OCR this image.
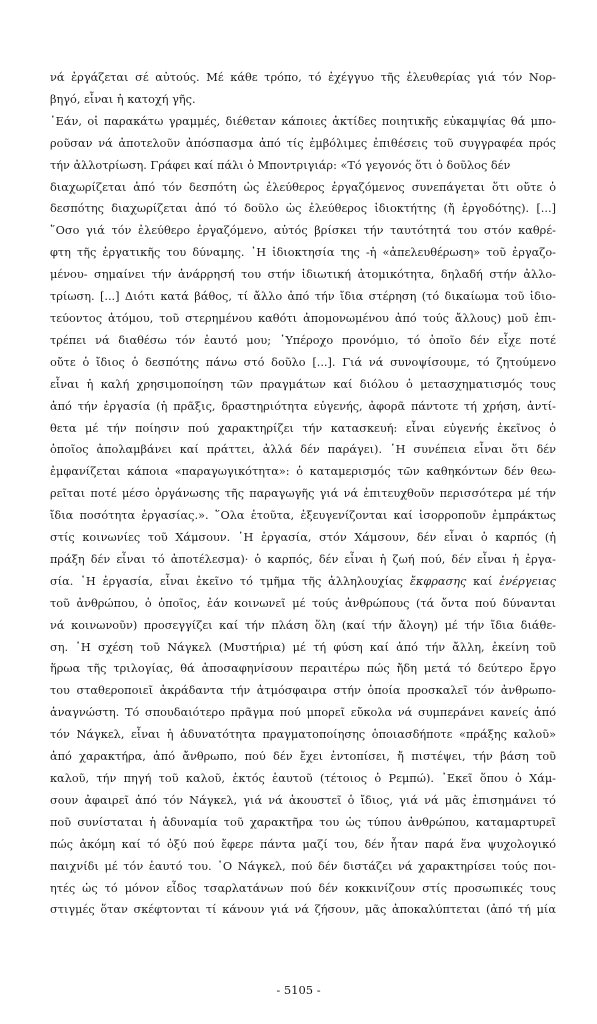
νά ἐργάζεται σέ αὐτούς. Μέ κάθε τρόπο, τό ἐχέγγυο τῆς ἐλευθερίας γιά τόν Νορ-
βηγό, εἶναι ἡ κατοχή γῆς.
῾Εάν, οἱ παρακάτω γραμμές, διέθεταν κάποιες ἀκτίδες ποιητικῆς εὐκαμψίας θά μπο-
ροῦσαν νά ἀποτελοῦν ἀπόσπασμα ἀπό τίς ἐμβόλιμες ἐπιθέσεις τοῦ συγγραφέα πρός
τήν ἀλλοτρίωση. Γράφει καί πάλι ὁ Μποντριγιάρ: «Τό γεγονός ὅτι ὁ δοῦλος δέν
διαχωρίζεται ἀπό τόν δεσπότη ὡς ἐλεύθερος ἐργαζόμενος συνεπάγεται ὅτι οὔτε ὁ
δεσπότης διαχωρίζεται ἀπό τό δοῦλο ὡς ἐλεύθερος ἰδιοκτήτης (ἤ ἐργοδότης). [...]
῞Οσο γιά τόν ἐλεύθερο ἐργαζόμενο, αὐτός βρίσκει τήν ταυτότητά του στόν καθρέ-
φτη τῆς ἐργατικῆς του δύναμης. ῾Η ἰδιοκτησία της -ἡ «ἀπελευθέρωση» τοῦ ἐργαζο-
μένου- σημαίνει τήν ἀνάρρησή του στήν ἰδιωτική ἀτομικότητα, δηλαδή στήν ἀλλο-
τρίωση. [...] Διότι κατά βάθος, τί ἄλλο ἀπό τήν ἴδια στέρηση (τό δικαίωμα τοῦ ἰδιο-
τεύοντος ἀτόμου, τοῦ στερημένου καθότι ἀπομονωμένου ἀπό τούς ἄλλους) μοῦ ἐπι-
τρέπει νά διαθέσω τόν ἑαυτό μου; ῾Υπέροχο προνόμιο, τό ὁποῖο δέν εἶχε ποτέ
οὔτε ὁ ἴδιος ὁ δεσπότης πάνω στό δοῦλο [...]. Γιά νά συνοψίσουμε, τό ζητούμενο
εἶναι ἡ καλή χρησιμοποίηση τῶν πραγμάτων καί διόλου ὁ μετασχηματισμός τους
ἀπό τήν ἐργασία (ἡ πρᾶξις, δραστηριότητα εὐγενής, ἀφορᾶ πάντοτε τή χρήση, ἀντί-
θετα μέ τήν ποίησιν πού χαρακτηρίζει τήν κατασκευή: εἶναι εὐγενής ἐκεῖνος ὁ
ὁποῖος ἀπολαμβάνει καί πράττει, ἀλλά δέν παράγει). ῾Η συνέπεια εἶναι ὅτι δέν
ἐμφανίζεται κάποια «παραγωγικότητα»: ὁ καταμερισμός τῶν καθηκόντων δέν θεω-
ρεῖται ποτέ μέσο ὀργάνωσης τῆς παραγωγῆς γιά νά ἐπιτευχθοῦν περισσότερα μέ τήν
ἴδια ποσότητα ἐργασίας.». ῞Ολα ἐτοῦτα, ἐξευγενίζονται καί ἰσορροποῦν ἐμπράκτως
στίς κοινωνίες τοῦ Χάμσουν. ῾Η ἐργασία, στόν Χάμσουν, δέν εἶναι ὁ καρπός (ἡ
πράξη δέν εἶναι τό ἀποτέλεσμα)· ὁ καρπός, δέν εἶναι ἡ ζωή πού, δέν εἶναι ἡ ἐργα-
σία. ῾Η ἐργασία, εἶναι ἐκεῖνο τό τμῆμα τῆς ἀλληλουχίας ἔκφρασης καί ἐνέργειας
τοῦ ἀνθρώπου, ὁ ὁποῖος, ἐάν κοινωνεῖ μέ τούς ἀνθρώπους (τά ὄντα πού δύνανται
νά κοινωνοῦν) προσεγγίζει καί τήν πλάση ὅλη (καί τήν ἄλογη) μέ τήν ἴδια διάθε-
ση. ῾Η σχέση τοῦ Νάγκελ (Μυστήρια) μέ τή φύση καί ἀπό τήν ἄλλη, ἐκείνη τοῦ
ἥρωα τῆς τριλογίας, θά ἀποσαφηνίσουν περαιτέρω πώς ἤδη μετά τό δεύτερο ἔργο
του σταθεροποιεῖ ἀκράδαντα τήν ἀτμόσφαιρα στήν ὁποία προσκαλεῖ τόν ἀνθρωπο-
ἀναγνώστη. Τό σπουδαιότερο πρᾶγμα πού μπορεῖ εὔκολα νά συμπεράνει κανείς ἀπό
τόν Νάγκελ, εἶναι ἡ ἀδυνατότητα πραγματοποίησης ὁποιασδήποτε «πράξης καλοῦ»
ἀπό χαρακτήρα, ἀπό ἄνθρωπο, πού δέν ἔχει ἐντοπίσει, ἤ πιστέψει, τήν βάση τοῦ
καλοῦ, τήν πηγή τοῦ καλοῦ, ἐκτός ἑαυτοῦ (τέτοιος ὁ Ρεμπώ). ᾿Εκεῖ ὅπου ὁ Χάμ-
σουν ἀφαιρεῖ ἀπό τόν Νάγκελ, γιά νά ἀκουστεῖ ὁ ἴδιος, γιά νά μᾶς ἐπισημάνει τό
ποῦ συνίσταται ἡ ἀδυναμία τοῦ χαρακτῆρα του ὡς τύπου ἀνθρώπου, καταμαρτυρεῖ
πώς ἀκόμη καί τό ὀξύ πού ἔφερε πάντα μαζί του, δέν ἦταν παρά ἕνα ψυχολογικό
παιχνίδι μέ τόν ἑαυτό του. ῾Ο Νάγκελ, πού δέν διστάζει νά χαρακτηρίσει τούς ποι-
ητές ὡς τό μόνον εἶδος τσαρλατάνων πού δέν κοκκινίζουν στίς προσωπικές τους
στιγμές ὅταν σκέφτονται τί κάνουν γιά νά ζήσουν, μᾶς ἀποκαλύπτεται (ἀπό τή μία
- 5105 -
